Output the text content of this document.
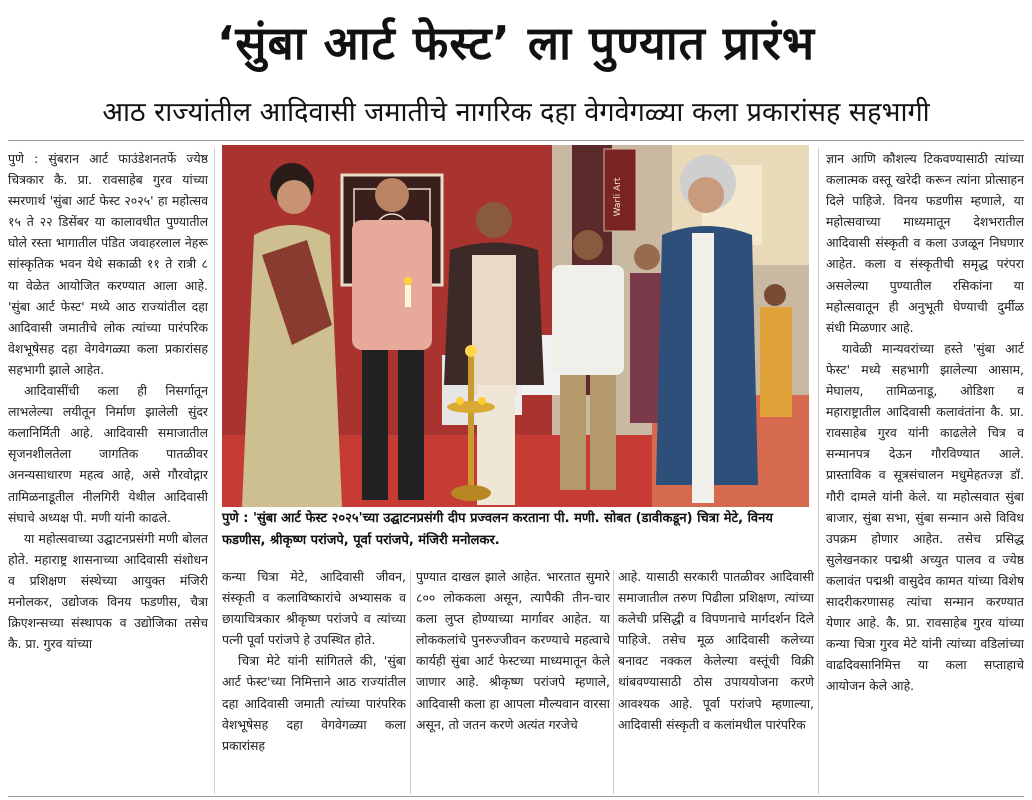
‘सुंबा आर्ट फेस्ट’ ला पुण्यात प्रारंभ
आठ राज्यांतील आदिवासी जमातीचे नागरिक दहा वेगवेगळ्या कला प्रकारांसह सहभागी

पुणे : सुंबरान आर्ट फाउंडेशनतर्फे ज्येष्ठ चित्रकार कै. प्रा. रावसाहेब गुरव यांच्या स्मरणार्थ 'सुंबा आर्ट फेस्ट २०२५' हा महोत्सव १५ ते २२ डिसेंबर या कालावधीत पुण्यातील घोले रस्ता भागातील पंडित जवाहरलाल नेहरू सांस्कृतिक भवन येथे सकाळी ११ ते रात्री ८ या वेळेत आयोजित करण्यात आला आहे. 'सुंबा आर्ट फेस्ट' मध्ये आठ राज्यांतील दहा आदिवासी जमातीचे लोक त्यांच्या पारंपरिक वेशभूषेसह दहा वेगवेगळ्या कला प्रकारांसह सहभागी झाले आहेत.

आदिवासींची कला ही निसर्गातून लाभलेल्या लयीतून निर्माण झालेली सुंदर कलानिर्मिती आहे. आदिवासी समाजातील सृजनशीलतेला जागतिक पातळीवर अनन्यसाधारण महत्व आहे, असे गौरवोद्गार तामिळनाडूतील नीलगिरी येथील आदिवासी संघाचे अध्यक्ष पी. मणी यांनी काढले.

या महोत्सवाच्या उद्घाटनप्रसंगी मणी बोलत होते. महाराष्ट्र शासनाच्या आदिवासी संशोधन व प्रशिक्षण संस्थेच्या आयुक्त मंजिरी मनोलकर, उद्योजक विनय फडणीस, चैत्रा क्रिएशन्सच्या संस्थापक व उद्योजिका तसेच कै. प्रा. गुरव यांच्या

Warli Art
पुणे : 'सुंबा आर्ट फेस्ट २०२५'च्या उद्घाटनप्रसंगी दीप प्रज्वलन करताना पी. मणी. सोबत (डावीकडून) चित्रा मेटे, विनय फडणीस, श्रीकृष्ण परांजपे, पूर्वा परांजपे, मंजिरी मनोलकर.

कन्या चित्रा मेटे, आदिवासी जीवन, संस्कृती व कलाविष्कारांचे अभ्यासक व छायाचित्रकार श्रीकृष्ण परांजपे व त्यांच्या पत्नी पूर्वा परांजपे हे उपस्थित होते.

चित्रा मेटे यांनी सांगितले की, 'सुंबा आर्ट फेस्ट'च्या निमित्ताने आठ राज्यांतील दहा आदिवासी जमाती त्यांच्या पारंपरिक वेशभूषेसह दहा वेगवेगळ्या कला प्रकारांसह

पुण्यात दाखल झाले आहेत. भारतात सुमारे ८०० लोककला असून, त्यापैकी तीन-चार कला लुप्त होण्याच्या मार्गावर आहेत. या लोककलांचे पुनरुज्जीवन करण्याचे महत्वाचे कार्यही सुंबा आर्ट फेस्टच्या माध्यमातून केले जाणार आहे. श्रीकृष्ण परांजपे म्हणाले, आदिवासी कला हा आपला मौल्यवान वारसा असून, तो जतन करणे अत्यंत गरजेचे

आहे. यासाठी सरकारी पातळीवर आदिवासी समाजातील तरुण पिढीला प्रशिक्षण, त्यांच्या कलेची प्रसिद्धी व विपणनाचे मार्गदर्शन दिले पाहिजे. तसेच मूळ आदिवासी कलेच्या बनावट नक्कल केलेल्या वस्तूंची विक्री थांबवण्यासाठी ठोस उपाययोजना करणे आवश्यक आहे. पूर्वा परांजपे म्हणाल्या, आदिवासी संस्कृती व कलांमधील पारंपरिक

ज्ञान आणि कौशल्य टिकवण्यासाठी त्यांच्या कलात्मक वस्तू खरेदी करून त्यांना प्रोत्साहन दिले पाहिजे. विनय फडणीस म्हणाले, या महोत्सवाच्या माध्यमातून देशभरातील आदिवासी संस्कृती व कला उजळून निघणार आहेत. कला व संस्कृतीची समृद्ध परंपरा असलेल्या पुण्यातील रसिकांना या महोत्सवातून ही अनुभूती घेण्याची दुर्मीळ संधी मिळणार आहे.

यावेळी मान्यवरांच्या हस्ते 'सुंबा आर्ट फेस्ट' मध्ये सहभागी झालेल्या आसाम, मेघालय, तामिळनाडू, ओडिशा व महाराष्ट्रातील आदिवासी कलावंतांना कै. प्रा. रावसाहेब गुरव यांनी काढलेले चित्र व सन्मानपत्र देऊन गौरविण्यात आले. प्रास्ताविक व सूत्रसंचालन मधुमेहतज्ज्ञ डॉ. गौरी दामले यांनी केले. या महोत्सवात सुंबा बाजार, सुंबा सभा, सुंबा सन्मान असे विविध उपक्रम होणार आहेत. तसेच प्रसिद्ध सुलेखनकार पद्मश्री अच्युत पालव व ज्येष्ठ कलावंत पद्मश्री वासुदेव कामत यांच्या विशेष सादरीकरणासह त्यांचा सन्मान करण्यात येणार आहे. कै. प्रा. रावसाहेब गुरव यांच्या कन्या चित्रा गुरव मेटे यांनी त्यांच्या वडिलांच्या वाढदिवसानिमित्त या कला सप्ताहाचे आयोजन केले आहे.
